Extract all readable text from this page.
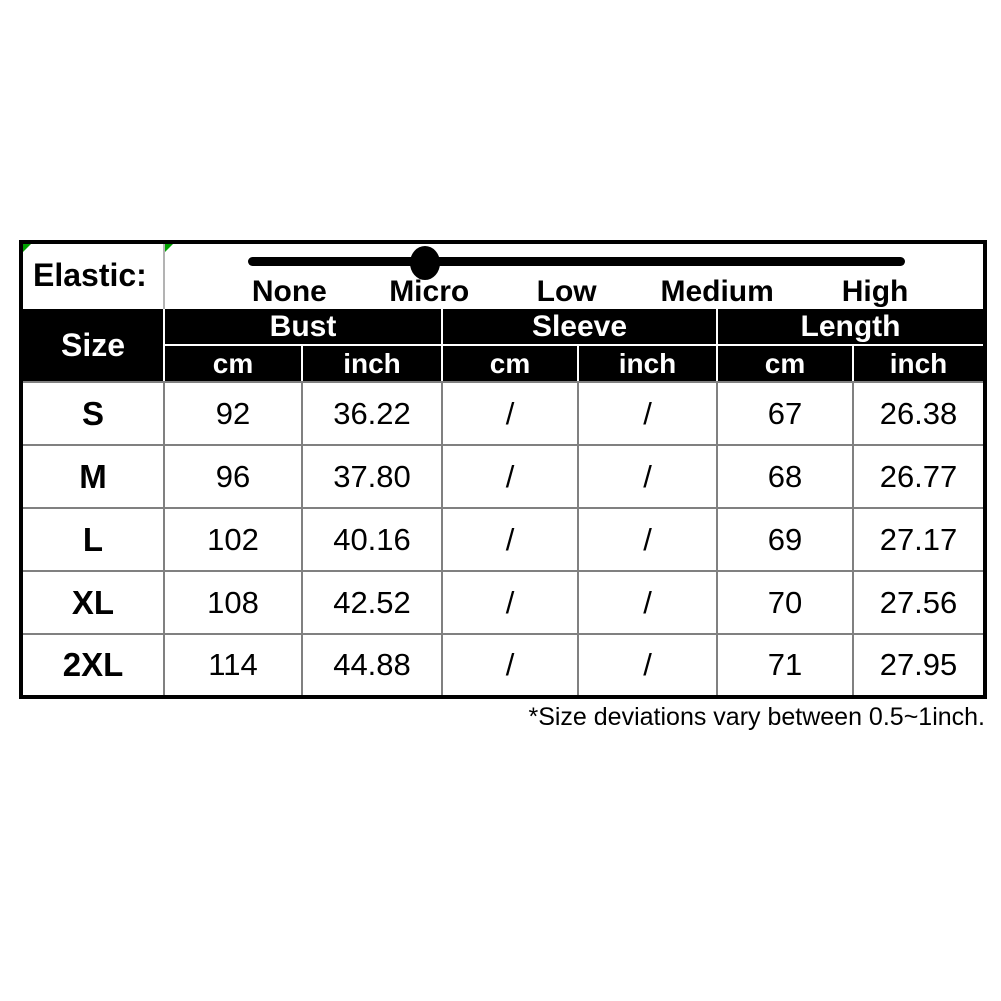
Elastic:	None Micro Low Medium High					

Size	Bust		Sleeve		Length	
	cm	inch	cm	inch	cm	inch
S	92	36.22	/	/	67	26.38
M	96	37.80	/	/	68	26.77
L	102	40.16	/	/	69	27.17
XL	108	42.52	/	/	70	27.56
2XL	114	44.88	/	/	71	27.95
*Size deviations vary between 0.5~1inch.
